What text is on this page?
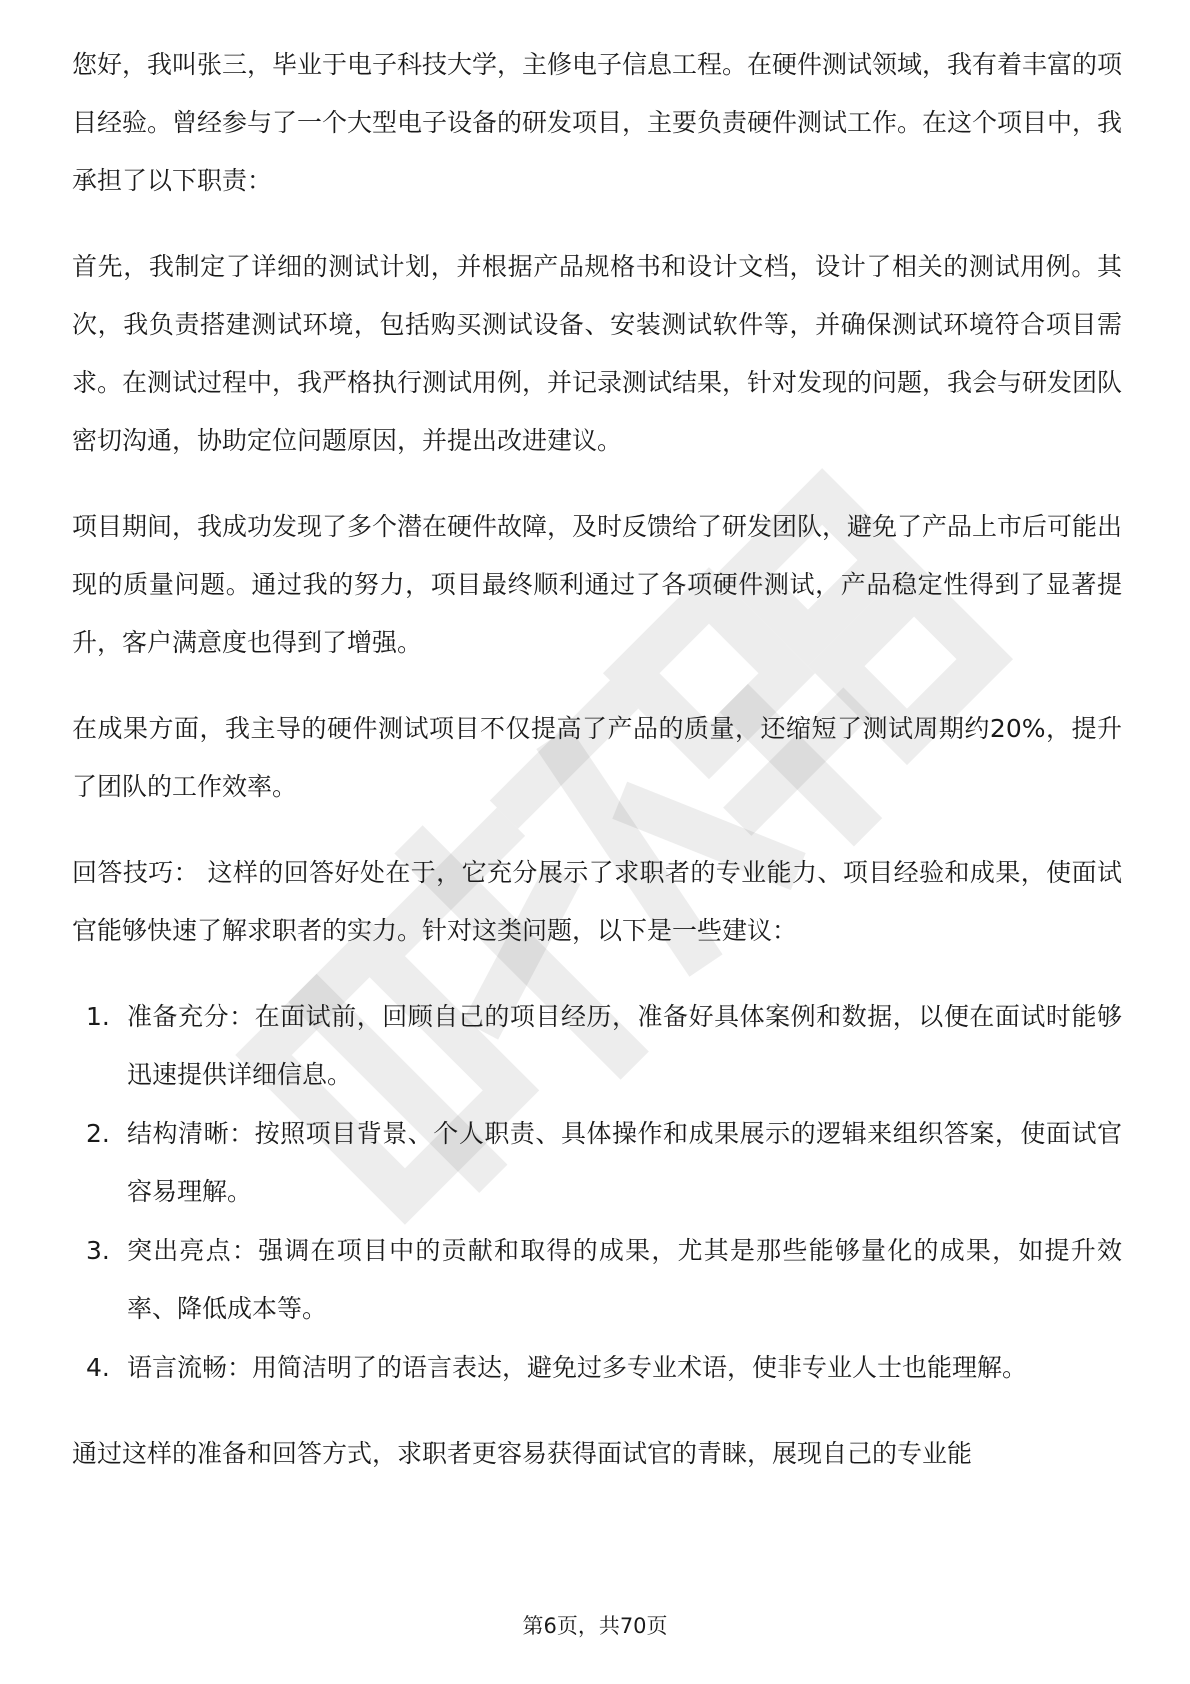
您好，我叫张三，毕业于电子科技大学，主修电子信息工程。在硬件测试领域，我有着丰富的项目经验。曾经参与了一个大型电子设备的研发项目，主要负责硬件测试工作。在这个项目中，我承担了以下职责：

首先，我制定了详细的测试计划，并根据产品规格书和设计文档，设计了相关的测试用例。其次，我负责搭建测试环境，包括购买测试设备、安装测试软件等，并确保测试环境符合项目需求。在测试过程中，我严格执行测试用例，并记录测试结果，针对发现的问题，我会与研发团队密切沟通，协助定位问题原因，并提出改进建议。

项目期间，我成功发现了多个潜在硬件故障，及时反馈给了研发团队，避免了产品上市后可能出现的质量问题。通过我的努力，项目最终顺利通过了各项硬件测试，产品稳定性得到了显著提升，客户满意度也得到了增强。

在成果方面，我主导的硬件测试项目不仅提高了产品的质量，还缩短了测试周期约20%，提升了团队的工作效率。

回答技巧： 这样的回答好处在于，它充分展示了求职者的专业能力、项目经验和成果，使面试官能够快速了解求职者的实力。针对这类问题，以下是一些建议：

1. 准备充分：在面试前，回顾自己的项目经历，准备好具体案例和数据，以便在面试时能够迅速提供详细信息。
2. 结构清晰：按照项目背景、个人职责、具体操作和成果展示的逻辑来组织答案，使面试官容易理解。
3. 突出亮点：强调在项目中的贡献和取得的成果，尤其是那些能够量化的成果，如提升效率、降低成本等。
4. 语言流畅：用简洁明了的语言表达，避免过多专业术语，使非专业人士也能理解。

通过这样的准备和回答方式，求职者更容易获得面试官的青睐，展现自己的专业能

第6页，共70页
